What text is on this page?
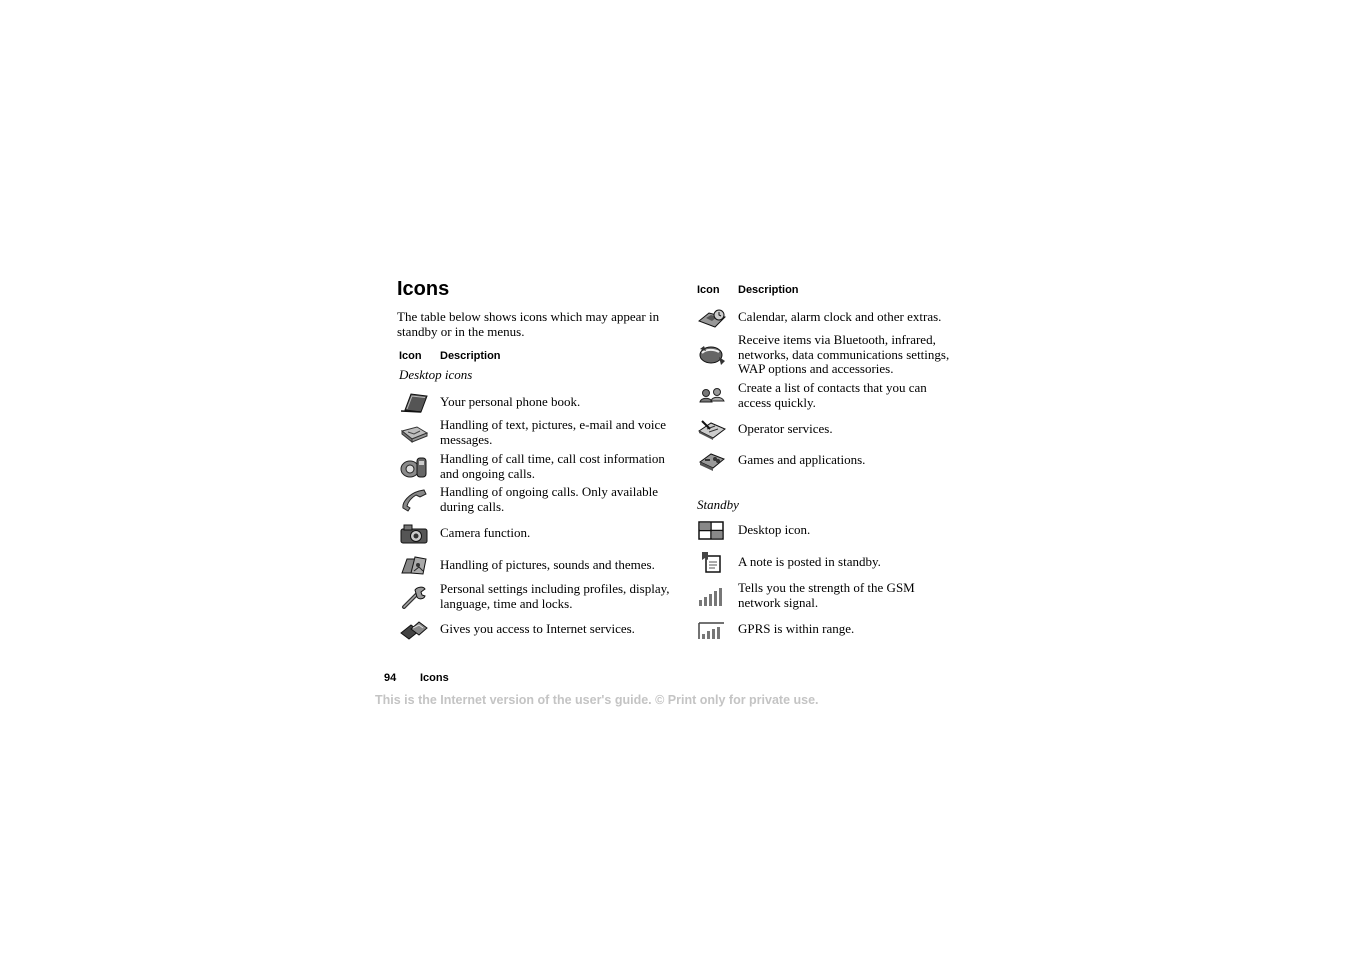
Icons

The table below shows icons which may appear in standby or in the menus.

Icon Description
Desktop icons
Your personal phone book.
Handling of text, pictures, e-mail and voice messages.
Handling of call time, call cost information and ongoing calls.
Handling of ongoing calls. Only available during calls.
Camera function.
Handling of pictures, sounds and themes.
Personal settings including profiles, display, language, time and locks.
Gives you access to Internet services.
Icon Description
Calendar, alarm clock and other extras.
Receive items via Bluetooth, infrared, networks, data communications settings, WAP options and accessories.
Create a list of contacts that you can access quickly.
Operator services.
Games and applications.
Standby
Desktop icon.
A note is posted in standby.
Tells you the strength of the GSM network signal.
GPRS is within range.
94 Icons
This is the Internet version of the user's guide. © Print only for private use.
